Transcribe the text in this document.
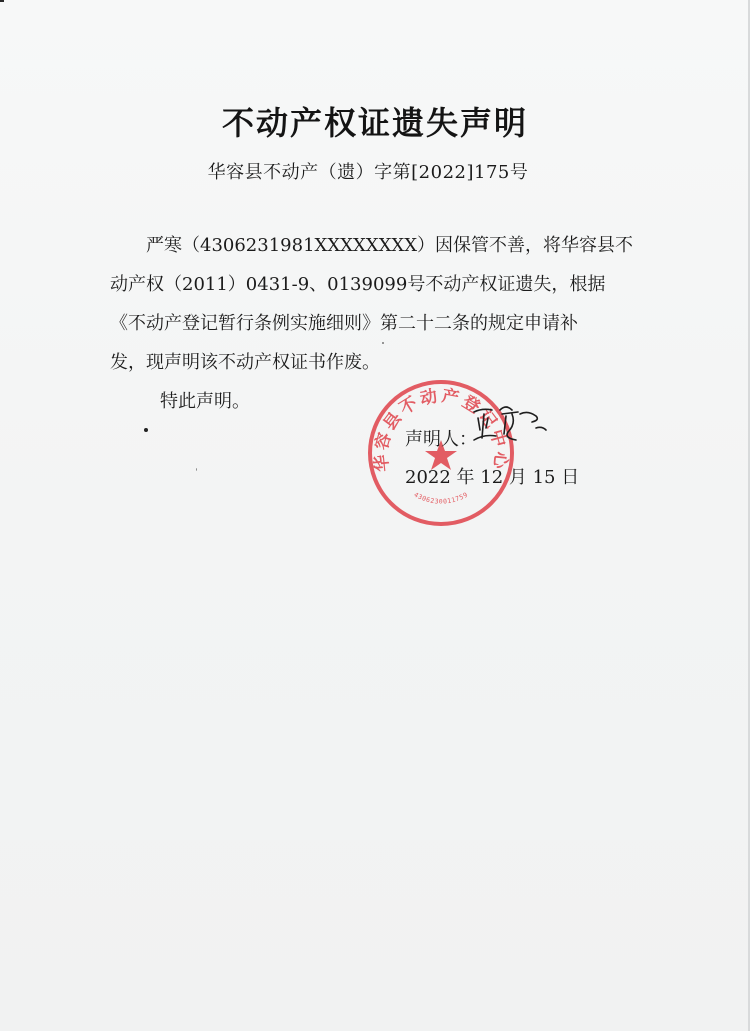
不动产权证遗失声明
华容县不动产（遗）字第[2022]175号
严寒（4306231981XXXXXXXX）因保管不善，将华容县不
动产权（2011）0431-9、0139099号不动产权证遗失，根据
《不动产登记暂行条例实施细则》第二十二条的规定申请补
发，现声明该不动产权证书作废。
特此声明。
华容县不动产登记中心
4306230011759
声明人：
2022 年 12 月 15 日
